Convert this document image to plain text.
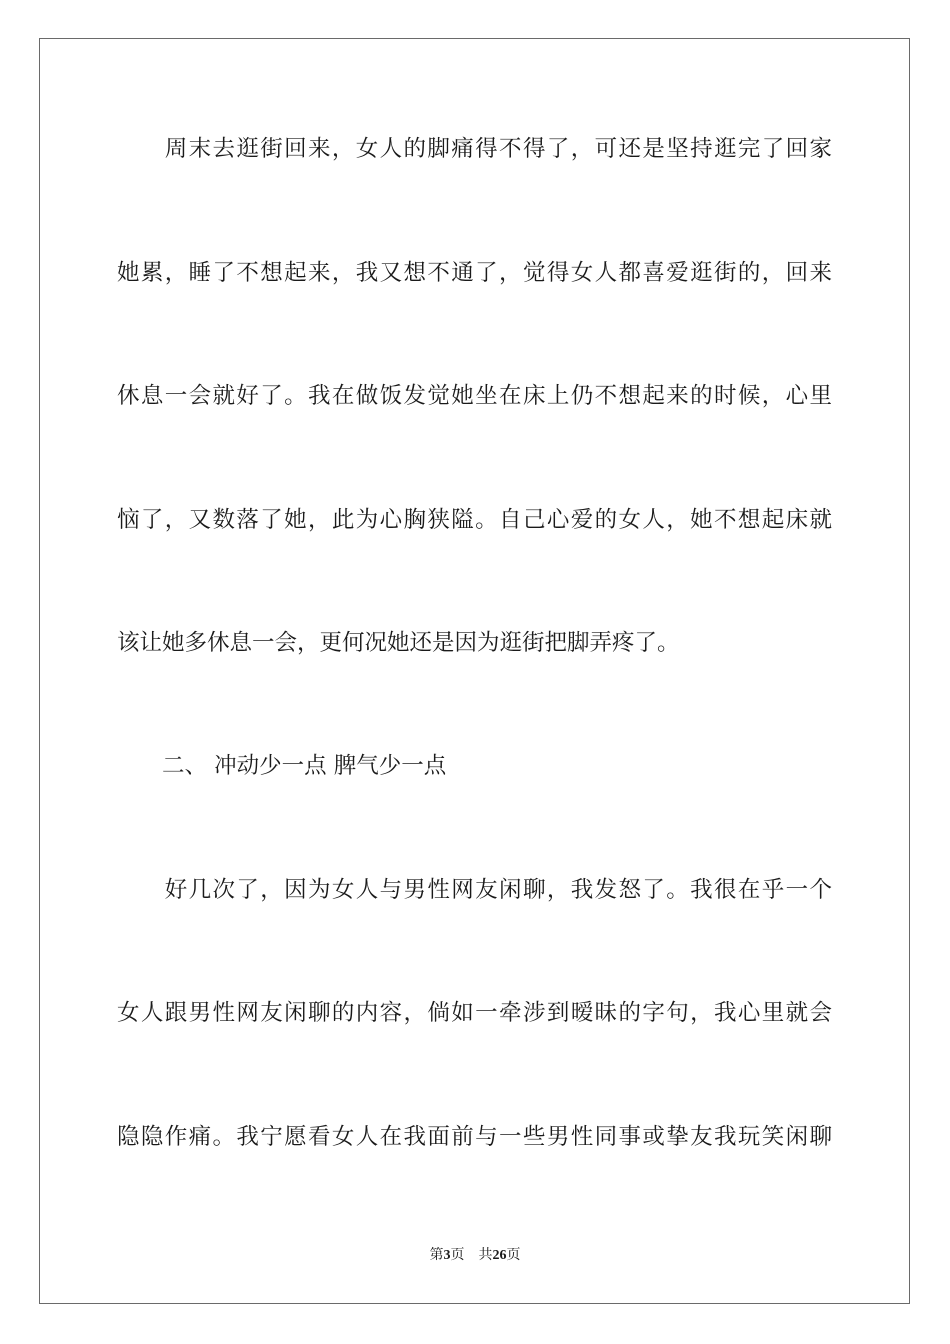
　　周末去逛街回来，女人的脚痛得不得了，可还是坚持逛完了回家
她累，睡了不想起来，我又想不通了，觉得女人都喜爱逛街的，回来
休息一会就好了。我在做饭发觉她坐在床上仍不想起来的时候，心里
恼了，又数落了她，此为心胸狭隘。自己心爱的女人，她不想起床就
该让她多休息一会，更何况她还是因为逛街把脚弄疼了。
　　二、 冲动少一点 脾气少一点
　　好几次了，因为女人与男性网友闲聊，我发怒了。我很在乎一个
女人跟男性网友闲聊的内容，倘如一牵涉到暧昧的字句，我心里就会
隐隐作痛。我宁愿看女人在我面前与一些男性同事或挚友我玩笑闲聊
第3页　共26页
